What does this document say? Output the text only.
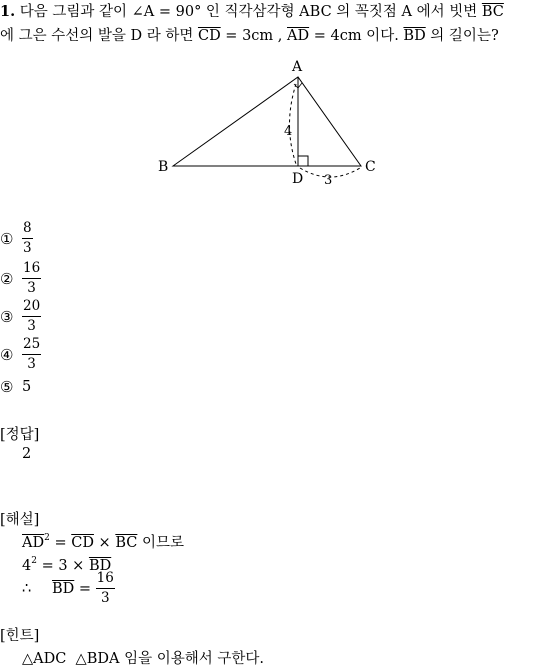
1. 다음 그림과 같이 ∠A = 90° 인 직각삼각형 ABC 의 꼭짓점 A 에서 빗변 $\overline{BC}$
에 그은 수선의 발을 D 라 하면 $\overline{CD} = 3cm$ , $\overline{AD} = 4cm$ 이다. $\overline{BD}$ 의 길이는?
A
B	C
D
4
3
① $\frac{8}{3}$
② $\frac{16}{3}$
③ $\frac{20}{3}$
④ $\frac{25}{3}$
⑤ 5
[정답]
2
[해설]
$\overline{AD}^2 = \overline{CD} \times \overline{BC}$ 이므로
$4^2 = 3 \times \overline{BD}$
∴	$\overline{BD} = \frac{16}{3}$
[힌트]
△ADC  △BDA 임을 이용해서 구한다.
